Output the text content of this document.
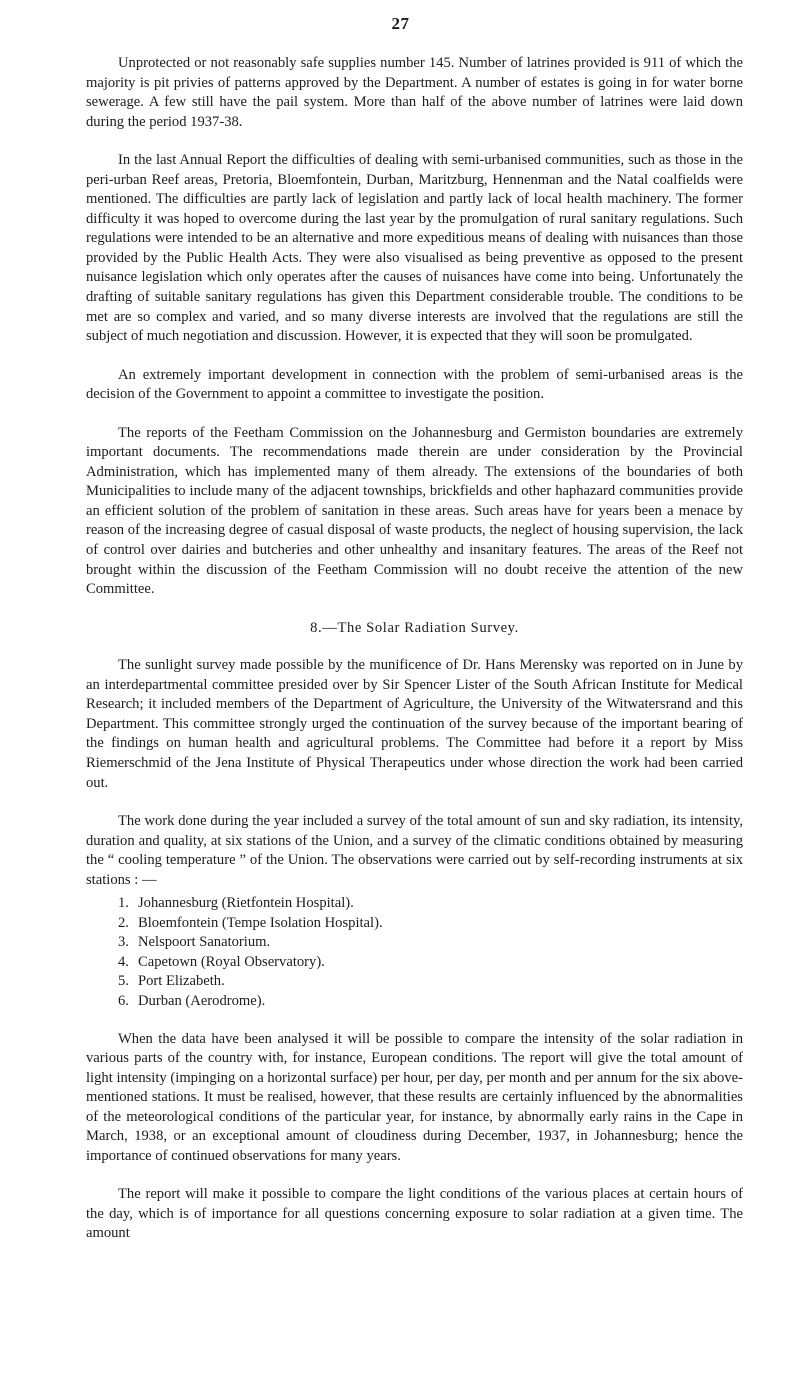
27

Unprotected or not reasonably safe supplies number 145. Number of latrines provided is 911 of which the majority is pit privies of patterns approved by the Department. A number of estates is going in for water borne sewerage. A few still have the pail system. More than half of the above number of latrines were laid down during the period 1937-38.

In the last Annual Report the difficulties of dealing with semi-urbanised communities, such as those in the peri-urban Reef areas, Pretoria, Bloemfontein, Durban, Maritzburg, Hennenman and the Natal coalfields were mentioned. The difficulties are partly lack of legislation and partly lack of local health machinery. The former difficulty it was hoped to overcome during the last year by the promulgation of rural sanitary regulations. Such regulations were intended to be an alternative and more expeditious means of dealing with nuisances than those provided by the Public Health Acts. They were also visualised as being preventive as opposed to the present nuisance legislation which only operates after the causes of nuisances have come into being. Unfortunately the drafting of suitable sanitary regulations has given this Department considerable trouble. The conditions to be met are so complex and varied, and so many diverse interests are involved that the regulations are still the subject of much negotiation and discussion. However, it is expected that they will soon be promulgated.

An extremely important development in connection with the problem of semi-urbanised areas is the decision of the Government to appoint a committee to investigate the position.

The reports of the Feetham Commission on the Johannesburg and Germiston boundaries are extremely important documents. The recommendations made therein are under consideration by the Provincial Administration, which has implemented many of them already. The extensions of the boundaries of both Municipalities to include many of the adjacent townships, brickfields and other haphazard communities provide an efficient solution of the problem of sanitation in these areas. Such areas have for years been a menace by reason of the increasing degree of casual disposal of waste products, the neglect of housing supervision, the lack of control over dairies and butcheries and other unhealthy and insanitary features. The areas of the Reef not brought within the discussion of the Feetham Commission will no doubt receive the attention of the new Committee.

8.—The Solar Radiation Survey.

The sunlight survey made possible by the munificence of Dr. Hans Merensky was reported on in June by an interdepartmental committee presided over by Sir Spencer Lister of the South African Institute for Medical Research; it included members of the Department of Agriculture, the University of the Witwatersrand and this Department. This committee strongly urged the continuation of the survey because of the important bearing of the findings on human health and agricultural problems. The Committee had before it a report by Miss Riemerschmid of the Jena Institute of Physical Therapeutics under whose direction the work had been carried out.

The work done during the year included a survey of the total amount of sun and sky radiation, its intensity, duration and quality, at six stations of the Union, and a survey of the climatic conditions obtained by measuring the “ cooling temperature ” of the Union. The observations were carried out by self-recording instruments at six stations : —

1. Johannesburg (Rietfontein Hospital).
2. Bloemfontein (Tempe Isolation Hospital).
3. Nelspoort Sanatorium.
4. Capetown (Royal Observatory).
5. Port Elizabeth.
6. Durban (Aerodrome).

When the data have been analysed it will be possible to compare the intensity of the solar radiation in various parts of the country with, for instance, European conditions. The report will give the total amount of light intensity (impinging on a horizontal surface) per hour, per day, per month and per annum for the six above-mentioned stations. It must be realised, however, that these results are certainly influenced by the abnormalities of the meteorological conditions of the particular year, for instance, by abnormally early rains in the Cape in March, 1938, or an exceptional amount of cloudiness during December, 1937, in Johannesburg; hence the importance of continued observations for many years.

The report will make it possible to compare the light conditions of the various places at certain hours of the day, which is of importance for all questions concerning exposure to solar radiation at a given time. The amount
